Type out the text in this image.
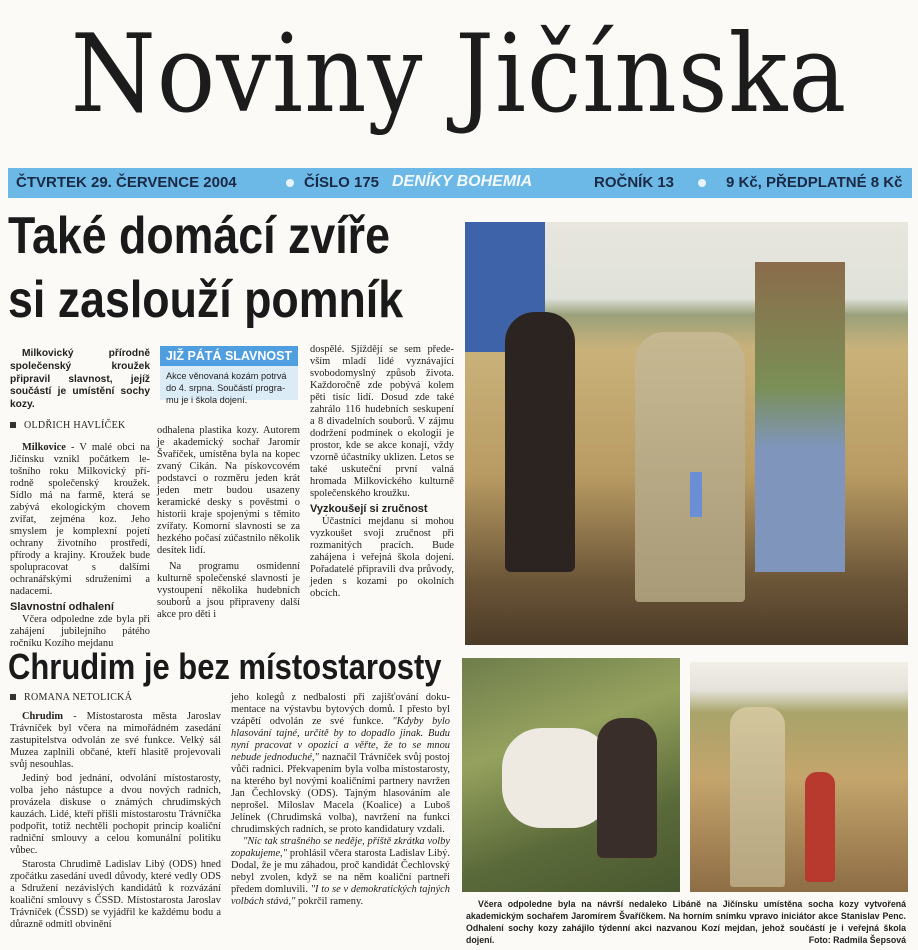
Noviny Jičínska
ČTVRTEK 29. ČERVENCE 2004	ČÍSLO 175 DENÍKY BOHEMIA	ROČNÍK 13	9 Kč, PŘEDPLATNÉ 8 Kč
Také domácí zvíře
si zaslouží pomník
Milkovický přírodně společenský kroužek připravil slavnost, jejíž součástí je umístění sochy kozy.
OLDŘICH HAVLÍČEK

Milkovice - V malé obci na Jičínsku vznikl počátkem letošního roku Milkovický přírodně společenský kroužek. Sídlo má na farmě, která se zabývá ekologickým chovem zvířat, zejména koz. Jeho smyslem je komplexní pojetí ochrany životního prostředí, přírody a krajiny. Kroužek bude spolupracovat s dalšími ochranářskými sdruženími a nadacemi.

Slavnostní odhalení

Včera odpoledne zde byla při zahájení jubilejního pátého ročníku Kozího mejdanu

JIŽ PÁTÁ SLAVNOST
Akce věnovaná kozám potrvá do 4. srpna. Součástí programu je i škola dojení.

odhalena plastika kozy. Autorem je akademický sochař Jaromír Švaříček, umístěna byla na kopec zvaný Cikán. Na pískovcovém podstavci o rozměru jeden krát jeden metr budou usazeny keramické desky s pověstmi o historii kraje spojenými s těmito zvířaty. Komorní slavnosti se za hezkého počasí zúčastnilo několik desítek lidí.

Na programu osmidenní kulturně společenské slavnosti je vystoupení několika hudebních souborů a jsou připraveny další akce pro děti i

dospělé. Sjíždějí se sem především mladí lidé vyznávající svobodomyslný způsob života. Každoročně zde pobývá kolem pěti tisíc lidí. Dosud zde také zahrálo 116 hudebních seskupení a 8 divadelních souborů. V zájmu dodržení podmínek o ekologii je prostor, kde se akce konají, vždy vzorně účastníky uklizen. Letos se také uskuteční první valná hromada Milkovického kulturně společenského kroužku.

Vyzkoušejí si zručnost

Účastníci mejdanu si mohou vyzkoušet svoji zručnost při rozmanitých pracích. Bude zahájena i veřejná škola dojení. Pořadatelé připravili dva průvody, jeden s kozami po okolních obcích.

Chrudim je bez místostarosty
ROMANA NETOLICKÁ

Chrudim - Místostarosta města Jaroslav Trávníček byl včera na mimořádném zasedání zastupitelstva odvolán ze své funkce. Velký sál Muzea zaplnili občané, kteří hlasitě projevovali svůj nesouhlas.

Jediný bod jednání, odvolání místostarosty, volba jeho nástupce a dvou nových radních, provázela diskuse o známých chrudimských kauzách. Lidé, kteří přišli místostarostu Trávníčka podpořit, totiž nechtěli pochopit princip koaliční radniční smlouvy a celou komunální politiku vůbec.

Starosta Chrudimě Ladislav Libý (ODS) hned zpočátku zasedání uvedl důvody, které vedly ODS a Sdružení nezávislých kandidátů k rozvázání koaliční smlouvy s ČSSD. Místostarosta Jaroslav Trávníček (ČSSD) se vyjádřil ke každému bodu a důrazně odmítl obvinění

jeho kolegů z nedbalosti při zajišťování dokumentace na výstavbu bytových domů. I přesto byl vzápětí odvolán ze své funkce. "Kdyby bylo hlasování tajné, určitě by to dopadlo jinak. Budu nyní pracovat v opozici a věřte, že to se mnou nebude jednoduché," naznačil Trávníček svůj postoj vůči radnici. Překvapením byla volba místostarosty, na kterého byl novými koaličními partnery navržen Jan Čechlovský (ODS). Tajným hlasováním ale neprošel. Miloslav Macela (Koalice) a Luboš Jelínek (Chrudimská volba), navržení na funkci chrudimských radních, se proto kandidatury vzdali.

"Nic tak strašného se neděje, příště zkrátka volby zopakujeme," prohlásil včera starosta Ladislav Libý. Dodal, že je mu záhadou, proč kandidát Čechlovský nebyl zvolen, když se na něm koaliční partneři předem domluvili. "I to se v demokratických tajných volbách stává," pokrčil rameny.	Včera odpoledne byla na návrší nedaleko Libáně na Jičínsku umístěna socha kozy vytvořená akademickým sochařem Jaromírem Švaříčkem. Na horním snímku vpravo iniciátor akce Stanislav Penc. Odhalení sochy kozy zahájilo týdenní akci nazvanou Kozí mejdan, jehož součástí je i veřejná škola dojení.	Foto: Radmila Šepsová
